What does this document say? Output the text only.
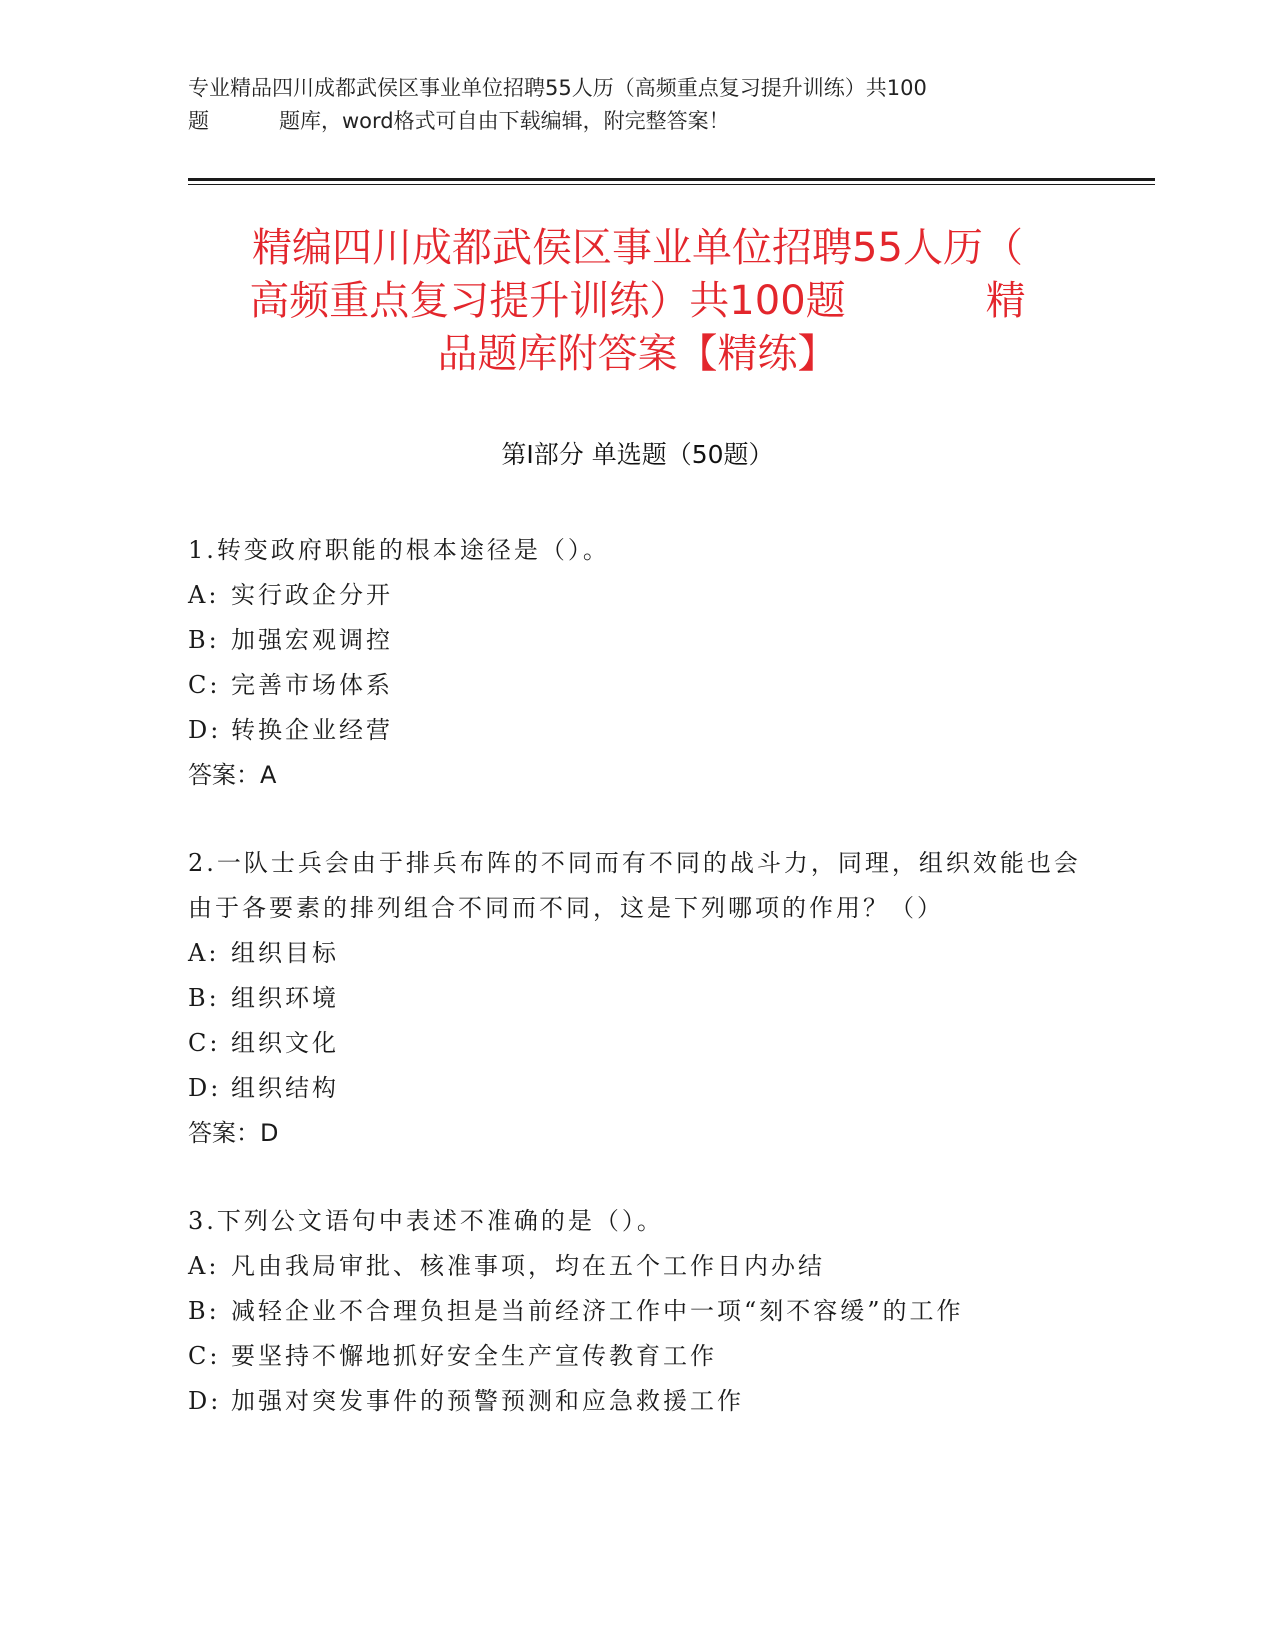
专业精品四川成都武侯区事业单位招聘55人历（高频重点复习提升训练）共100
题	题库，word格式可自由下载编辑，附完整答案！
精编四川成都武侯区事业单位招聘55人历（
高频重点复习提升训练）共100题	精
品题库附答案【精练】
第Ⅰ部分 单选题（50题）
1.转变政府职能的根本途径是（）。
A: 实行政企分开
B: 加强宏观调控
C: 完善市场体系
D: 转换企业经营
答案：A
2.一队士兵会由于排兵布阵的不同而有不同的战斗力，同理，组织效能也会由于各要素的排列组合不同而不同，这是下列哪项的作用？（）
A: 组织目标
B: 组织环境
C: 组织文化
D: 组织结构
答案：D
3.下列公文语句中表述不准确的是（）。
A: 凡由我局审批、核准事项，均在五个工作日内办结
B: 减轻企业不合理负担是当前经济工作中一项“刻不容缓”的工作
C: 要坚持不懈地抓好安全生产宣传教育工作
D: 加强对突发事件的预警预测和应急救援工作
